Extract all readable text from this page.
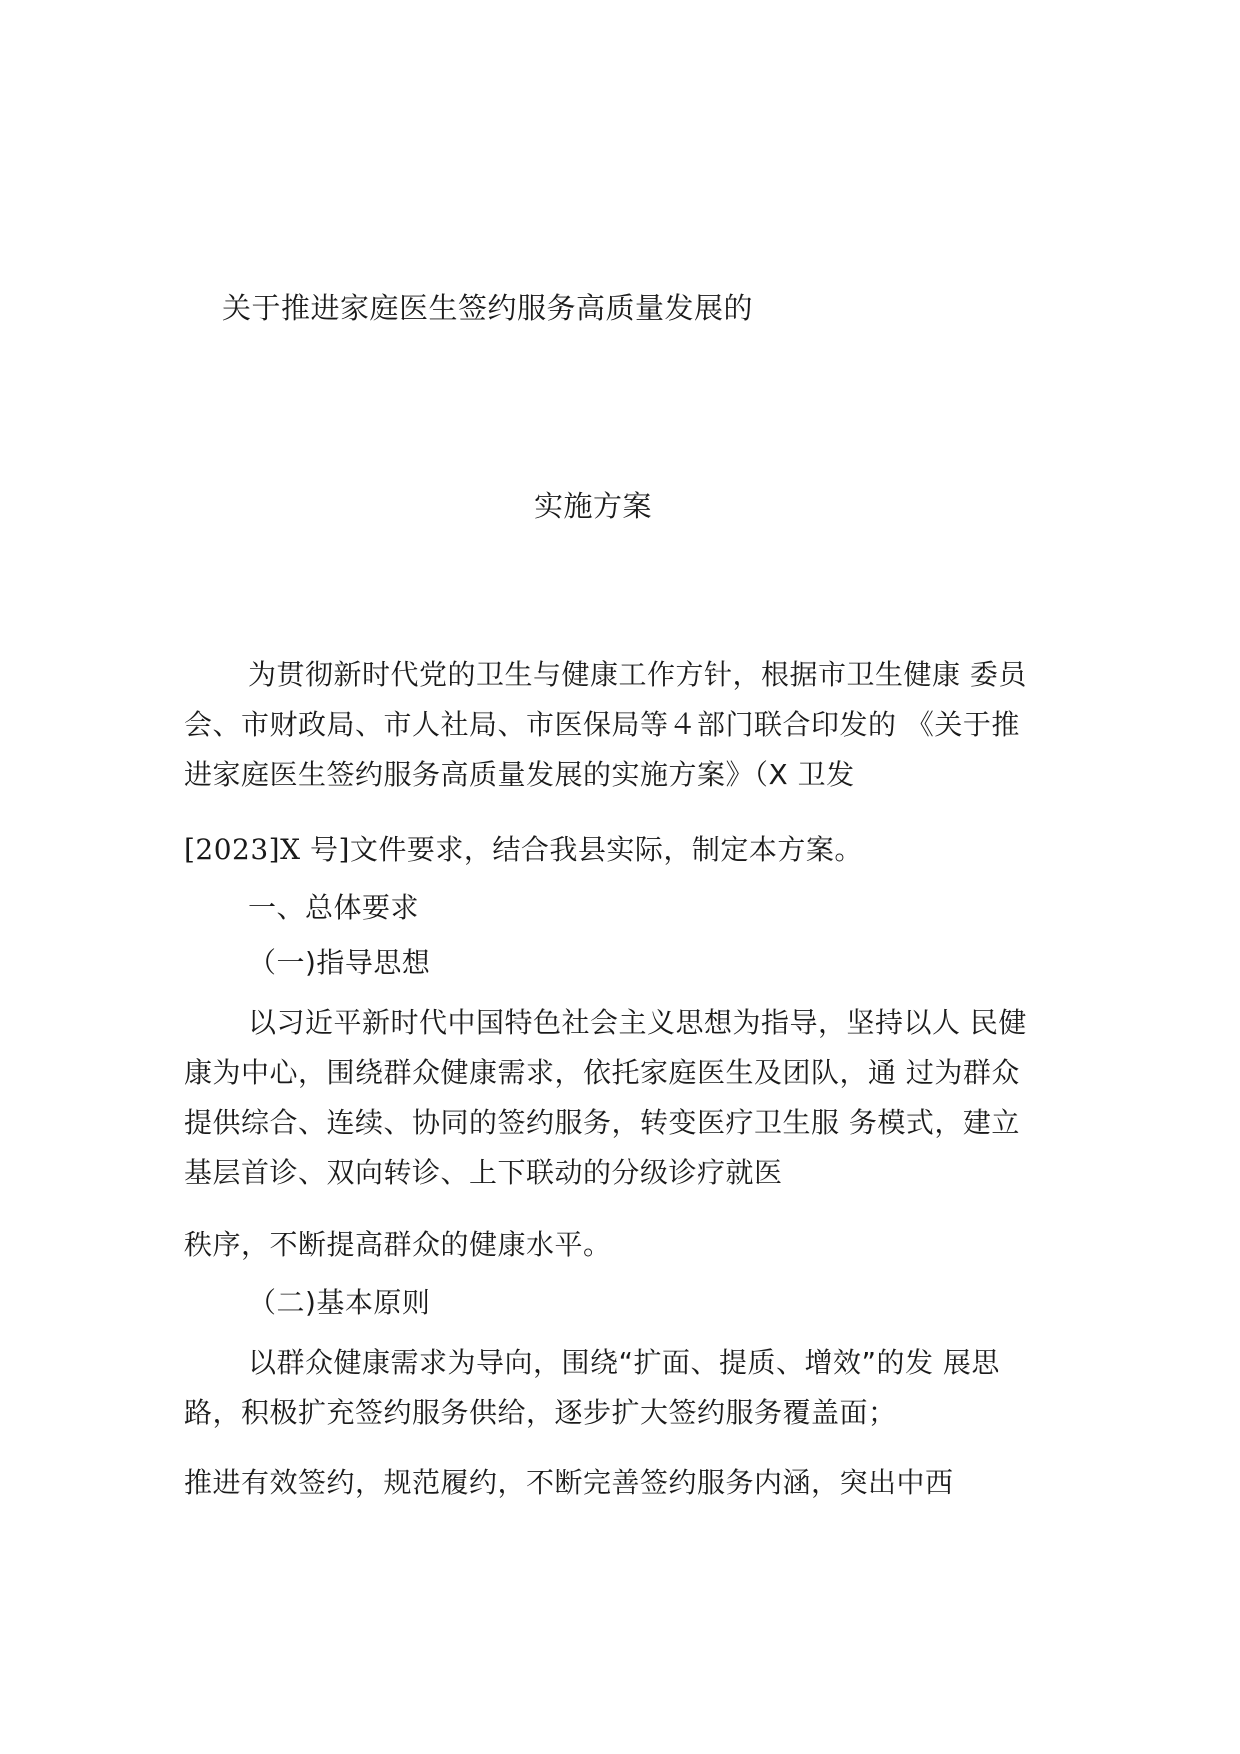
关于推进家庭医生签约服务高质量发展的
实施方案
为贯彻新时代党的卫生与健康工作方针，根据市卫生健康 委员
会、市财政局、市人社局、市医保局等４部门联合印发的 《关于推
进家庭医生签约服务高质量发展的实施方案》（X 卫发
[2023]X 号]文件要求，结合我县实际，制定本方案。
一、总体要求
（一)指导思想
以习近平新时代中国特色社会主义思想为指导，坚持以人 民健
康为中心，围绕群众健康需求，依托家庭医生及团队，通 过为群众
提供综合、连续、协同的签约服务，转变医疗卫生服 务模式，建立
基层首诊、双向转诊、上下联动的分级诊疗就医
秩序，不断提高群众的健康水平。
（二)基本原则
以群众健康需求为导向，围绕“扩面、提质、增效”的发 展思
路，积极扩充签约服务供给，逐步扩大签约服务覆盖面；
推进有效签约，规范履约，不断完善签约服务内涵，突出中西
